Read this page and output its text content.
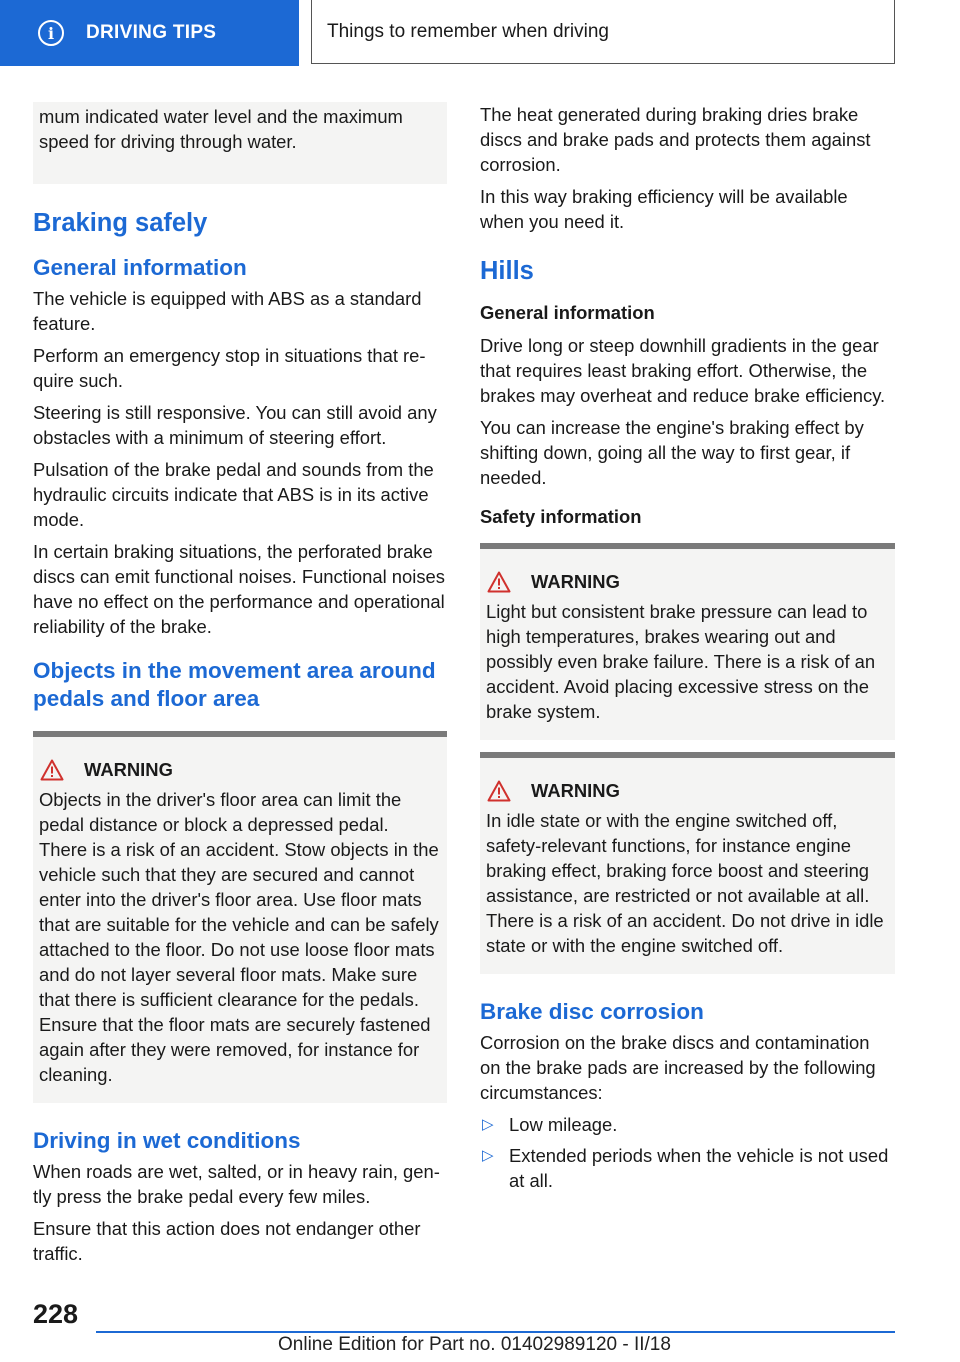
i	DRIVING TIPS	Things to remember when driving

mum indicated water level and the maximum speed for driving through water.

Braking safely
General information

The vehicle is equipped with ABS as a standard feature.

Perform an emergency stop in situations that require such.

Steering is still responsive. You can still avoid any obstacles with a minimum of steering effort.

Pulsation of the brake pedal and sounds from the hydraulic circuits indicate that ABS is in its active mode.

In certain braking situations, the perforated brake discs can emit functional noises. Functional noises have no effect on the performance and operational reliability of the brake.

Objects in the movement area around pedals and floor area
WARNING

Objects in the driver's floor area can limit the pedal distance or block a depressed pedal. There is a risk of an accident. Stow objects in the vehicle such that they are secured and cannot enter into the driver's floor area. Use floor mats that are suitable for the vehicle and can be safely attached to the floor. Do not use loose floor mats and do not layer several floor mats. Make sure that there is sufficient clearance for the pedals. Ensure that the floor mats are securely fastened again after they were removed, for instance for cleaning.

Driving in wet conditions

When roads are wet, salted, or in heavy rain, gently press the brake pedal every few miles.

Ensure that this action does not endanger other traffic.

The heat generated during braking dries brake discs and brake pads and protects them against corrosion.

In this way braking efficiency will be available when you need it.

Hills
General information

Drive long or steep downhill gradients in the gear that requires least braking effort. Otherwise, the brakes may overheat and reduce brake efficiency.

You can increase the engine's braking effect by shifting down, going all the way to first gear, if needed.

Safety information
WARNING

Light but consistent brake pressure can lead to high temperatures, brakes wearing out and possibly even brake failure. There is a risk of an accident. Avoid placing excessive stress on the brake system.

WARNING

In idle state or with the engine switched off, safety-relevant functions, for instance engine braking effect, braking force boost and steering assistance, are restricted or not available at all. There is a risk of an accident. Do not drive in idle state or with the engine switched off.

Brake disc corrosion

Corrosion on the brake discs and contamination on the brake pads are increased by the following circumstances:

▷ Low mileage.
▷ Extended periods when the vehicle is not used at all.
228
Online Edition for Part no. 01402989120 - II/18
